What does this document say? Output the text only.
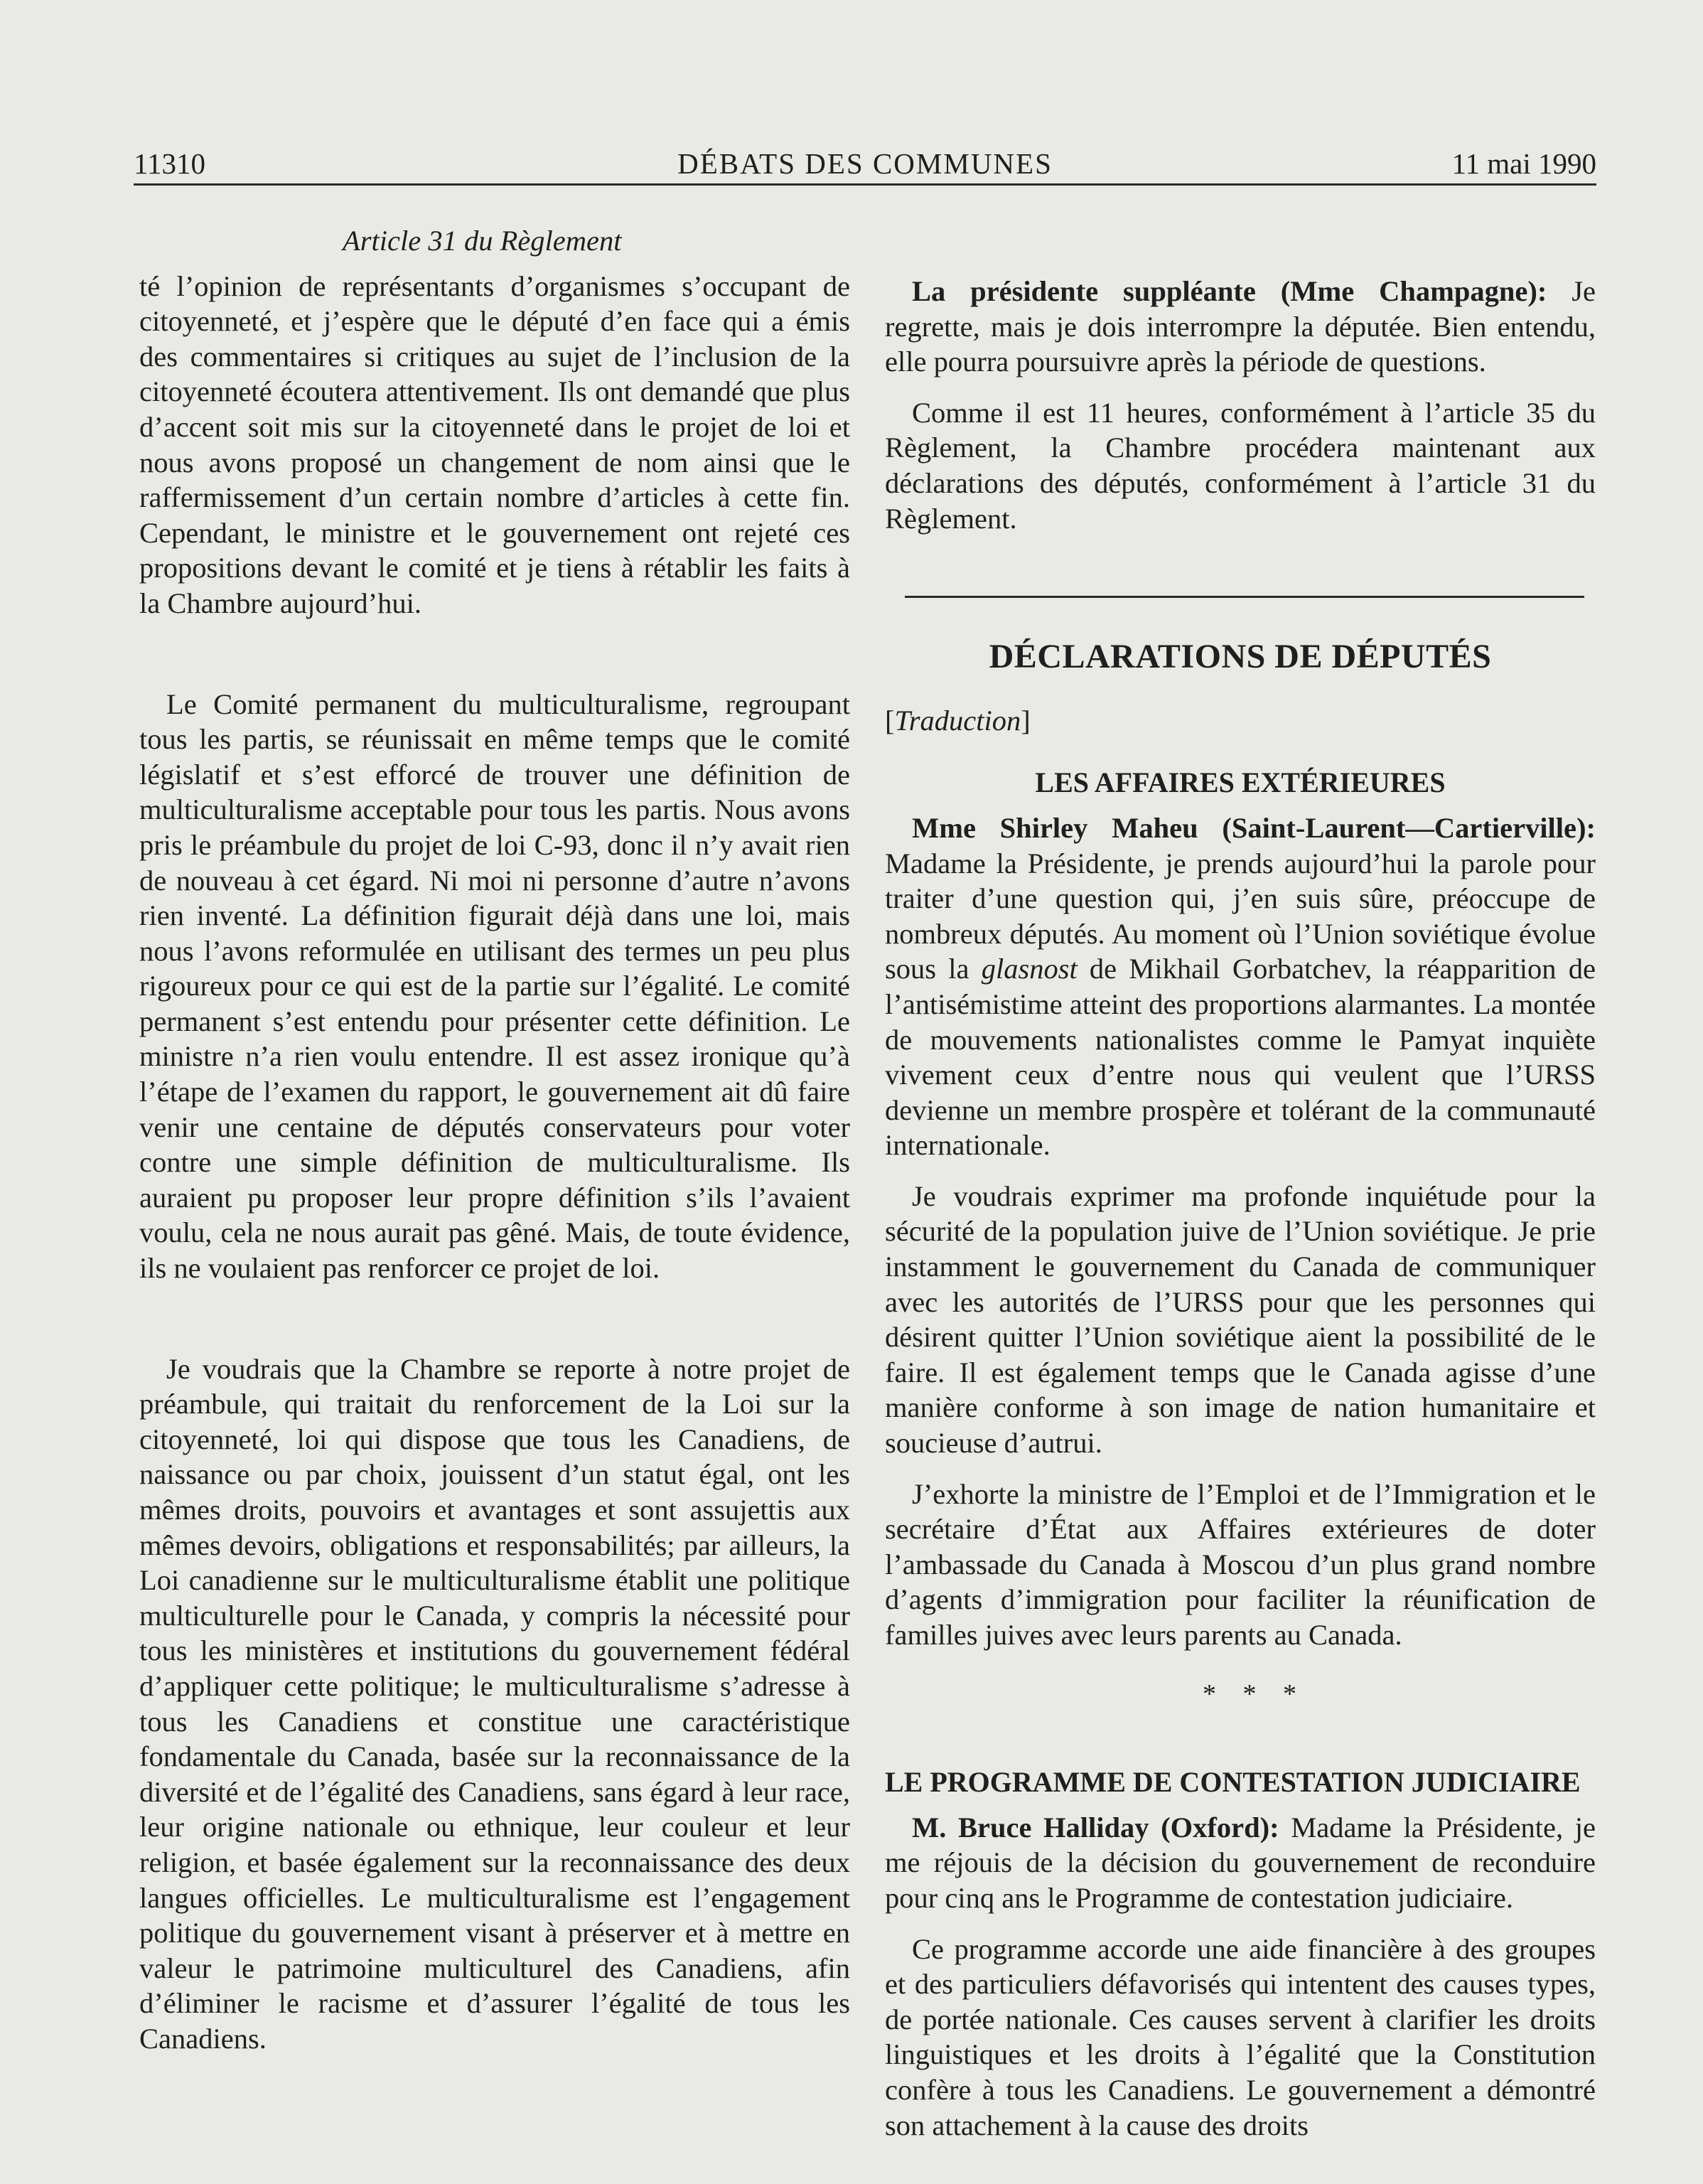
11310	DÉBATS DES COMMUNES	11 mai 1990

Article 31 du Règlement

té l’opinion de représentants d’organismes s’occupant de citoyenneté, et j’espère que le député d’en face qui a émis des commentaires si critiques au sujet de l’inclusion de la citoyenneté écoutera attentivement. Ils ont demandé que plus d’accent soit mis sur la citoyenneté dans le projet de loi et nous avons proposé un changement de nom ainsi que le raffermissement d’un certain nombre d’articles à cette fin. Cependant, le ministre et le gouvernement ont rejeté ces propositions devant le comité et je tiens à rétablir les faits à la Chambre aujourd’hui.

Le Comité permanent du multiculturalisme, regroupant tous les partis, se réunissait en même temps que le comité législatif et s’est efforcé de trouver une définition de multiculturalisme acceptable pour tous les partis. Nous avons pris le préambule du projet de loi C-93, donc il n’y avait rien de nouveau à cet égard. Ni moi ni personne d’autre n’avons rien inventé. La définition figurait déjà dans une loi, mais nous l’avons reformulée en utilisant des termes un peu plus rigoureux pour ce qui est de la partie sur l’égalité. Le comité permanent s’est entendu pour présenter cette définition. Le ministre n’a rien voulu entendre. Il est assez ironique qu’à l’étape de l’examen du rapport, le gouvernement ait dû faire venir une centaine de députés conservateurs pour voter contre une simple définition de multiculturalisme. Ils auraient pu proposer leur propre définition s’ils l’avaient voulu, cela ne nous aurait pas gêné. Mais, de toute évidence, ils ne voulaient pas renforcer ce projet de loi.

Je voudrais que la Chambre se reporte à notre projet de préambule, qui traitait du renforcement de la Loi sur la citoyenneté, loi qui dispose que tous les Canadiens, de naissance ou par choix, jouissent d’un statut égal, ont les mêmes droits, pouvoirs et avantages et sont assujettis aux mêmes devoirs, obligations et responsabilités; par ailleurs, la Loi canadienne sur le multiculturalisme établit une politique multiculturelle pour le Canada, y compris la nécessité pour tous les ministères et institutions du gouvernement fédéral d’appliquer cette politique; le multiculturalisme s’adresse à tous les Canadiens et constitue une caractéristique fondamentale du Canada, basée sur la reconnaissance de la diversité et de l’égalité des Canadiens, sans égard à leur race, leur origine nationale ou ethnique, leur couleur et leur religion, et basée également sur la reconnaissance des deux langues officielles. Le multiculturalisme est l’engagement politique du gouvernement visant à préserver et à mettre en valeur le patrimoine multiculturel des Canadiens, afin d’éliminer le racisme et d’assurer l’égalité de tous les Canadiens.

La présidente suppléante (Mme Champagne): Je regrette, mais je dois interrompre la députée. Bien entendu, elle pourra poursuivre après la période de questions.

Comme il est 11 heures, conformément à l’article 35 du Règlement, la Chambre procédera maintenant aux déclarations des députés, conformément à l’article 31 du Règlement.

DÉCLARATIONS DE DÉPUTÉS

[Traduction]

LES AFFAIRES EXTÉRIEURES

Mme Shirley Maheu (Saint-Laurent—Cartierville): Madame la Présidente, je prends aujourd’hui la parole pour traiter d’une question qui, j’en suis sûre, préoccupe de nombreux députés. Au moment où l’Union soviétique évolue sous la glasnost de Mikhail Gorbatchev, la réapparition de l’antisémistime atteint des proportions alarmantes. La montée de mouvements nationalistes comme le Pamyat inquiète vivement ceux d’entre nous qui veulent que l’URSS devienne un membre prospère et tolérant de la communauté internationale.

Je voudrais exprimer ma profonde inquiétude pour la sécurité de la population juive de l’Union soviétique. Je prie instamment le gouvernement du Canada de communiquer avec les autorités de l’URSS pour que les personnes qui désirent quitter l’Union soviétique aient la possibilité de le faire. Il est également temps que le Canada agisse d’une manière conforme à son image de nation humanitaire et soucieuse d’autrui.

J’exhorte la ministre de l’Emploi et de l’Immigration et le secrétaire d’État aux Affaires extérieures de doter l’ambassade du Canada à Moscou d’un plus grand nombre d’agents d’immigration pour faciliter la réunification de familles juives avec leurs parents au Canada.

* * *

LE PROGRAMME DE CONTESTATION JUDICIAIRE

M. Bruce Halliday (Oxford): Madame la Présidente, je me réjouis de la décision du gouvernement de reconduire pour cinq ans le Programme de contestation judiciaire.

Ce programme accorde une aide financière à des groupes et des particuliers défavorisés qui intentent des causes types, de portée nationale. Ces causes servent à clarifier les droits linguistiques et les droits à l’égalité que la Constitution confère à tous les Canadiens. Le gouvernement a démontré son attachement à la cause des droits
